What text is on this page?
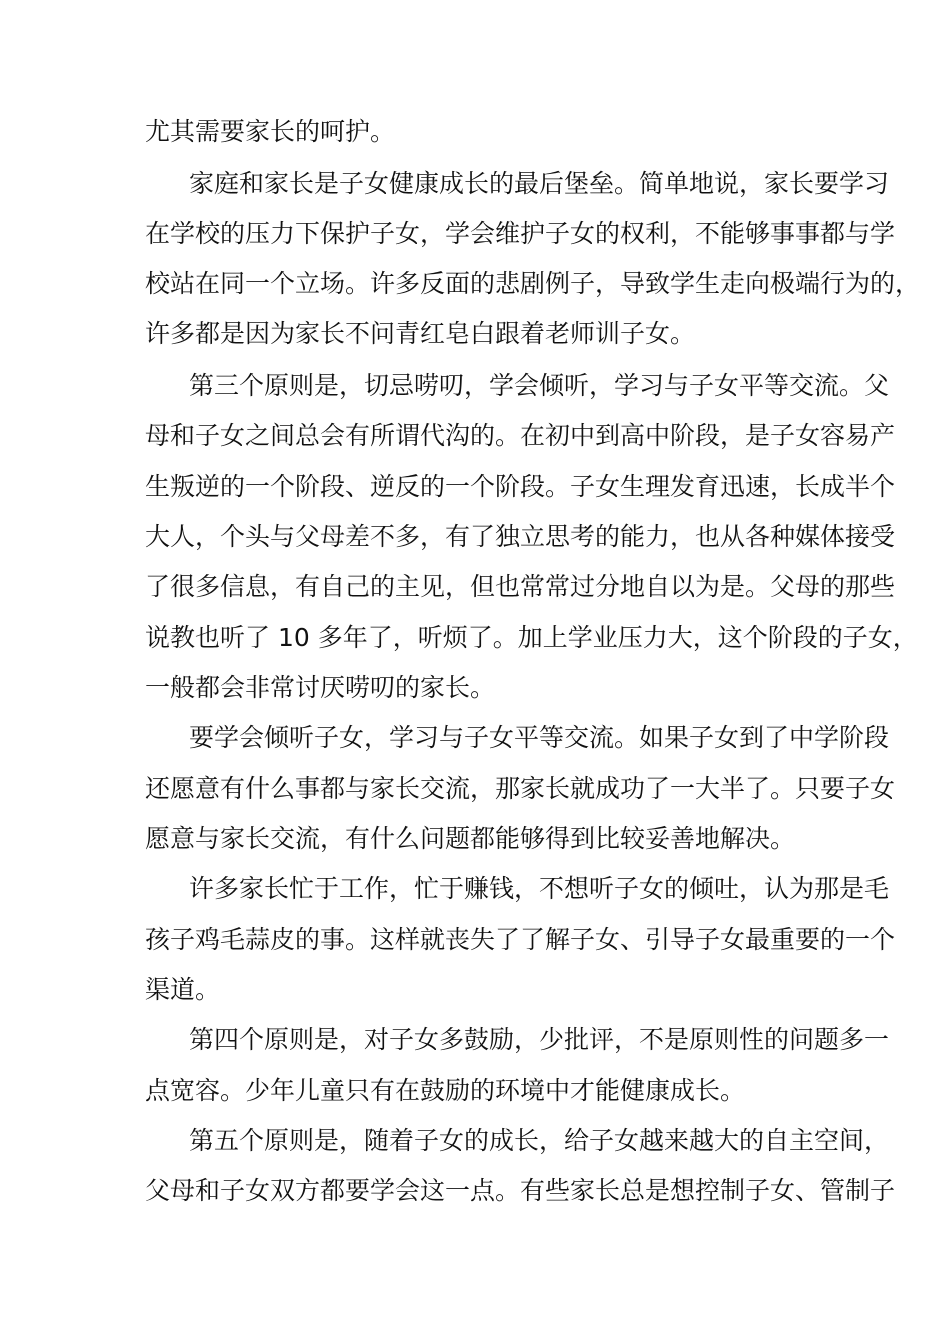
尤其需要家长的呵护。

家庭和家长是子女健康成长的最后堡垒。简单地说，家长要学习

在学校的压力下保护子女，学会维护子女的权利，不能够事事都与学

校站在同一个立场。许多反面的悲剧例子，导致学生走向极端行为的，

许多都是因为家长不问青红皂白跟着老师训子女。

第三个原则是，切忌唠叨，学会倾听，学习与子女平等交流。父

母和子女之间总会有所谓代沟的。在初中到高中阶段，是子女容易产

生叛逆的一个阶段、逆反的一个阶段。子女生理发育迅速，长成半个

大人，个头与父母差不多，有了独立思考的能力，也从各种媒体接受

了很多信息，有自己的主见，但也常常过分地自以为是。父母的那些

说教也听了 10 多年了，听烦了。加上学业压力大，这个阶段的子女，

一般都会非常讨厌唠叨的家长。

要学会倾听子女，学习与子女平等交流。如果子女到了中学阶段

还愿意有什么事都与家长交流，那家长就成功了一大半了。只要子女

愿意与家长交流，有什么问题都能够得到比较妥善地解决。

许多家长忙于工作，忙于赚钱，不想听子女的倾吐，认为那是毛

孩子鸡毛蒜皮的事。这样就丧失了了解子女、引导子女最重要的一个

渠道。

第四个原则是，对子女多鼓励，少批评，不是原则性的问题多一

点宽容。少年儿童只有在鼓励的环境中才能健康成长。

第五个原则是，随着子女的成长，给子女越来越大的自主空间，

父母和子女双方都要学会这一点。有些家长总是想控制子女、管制子
